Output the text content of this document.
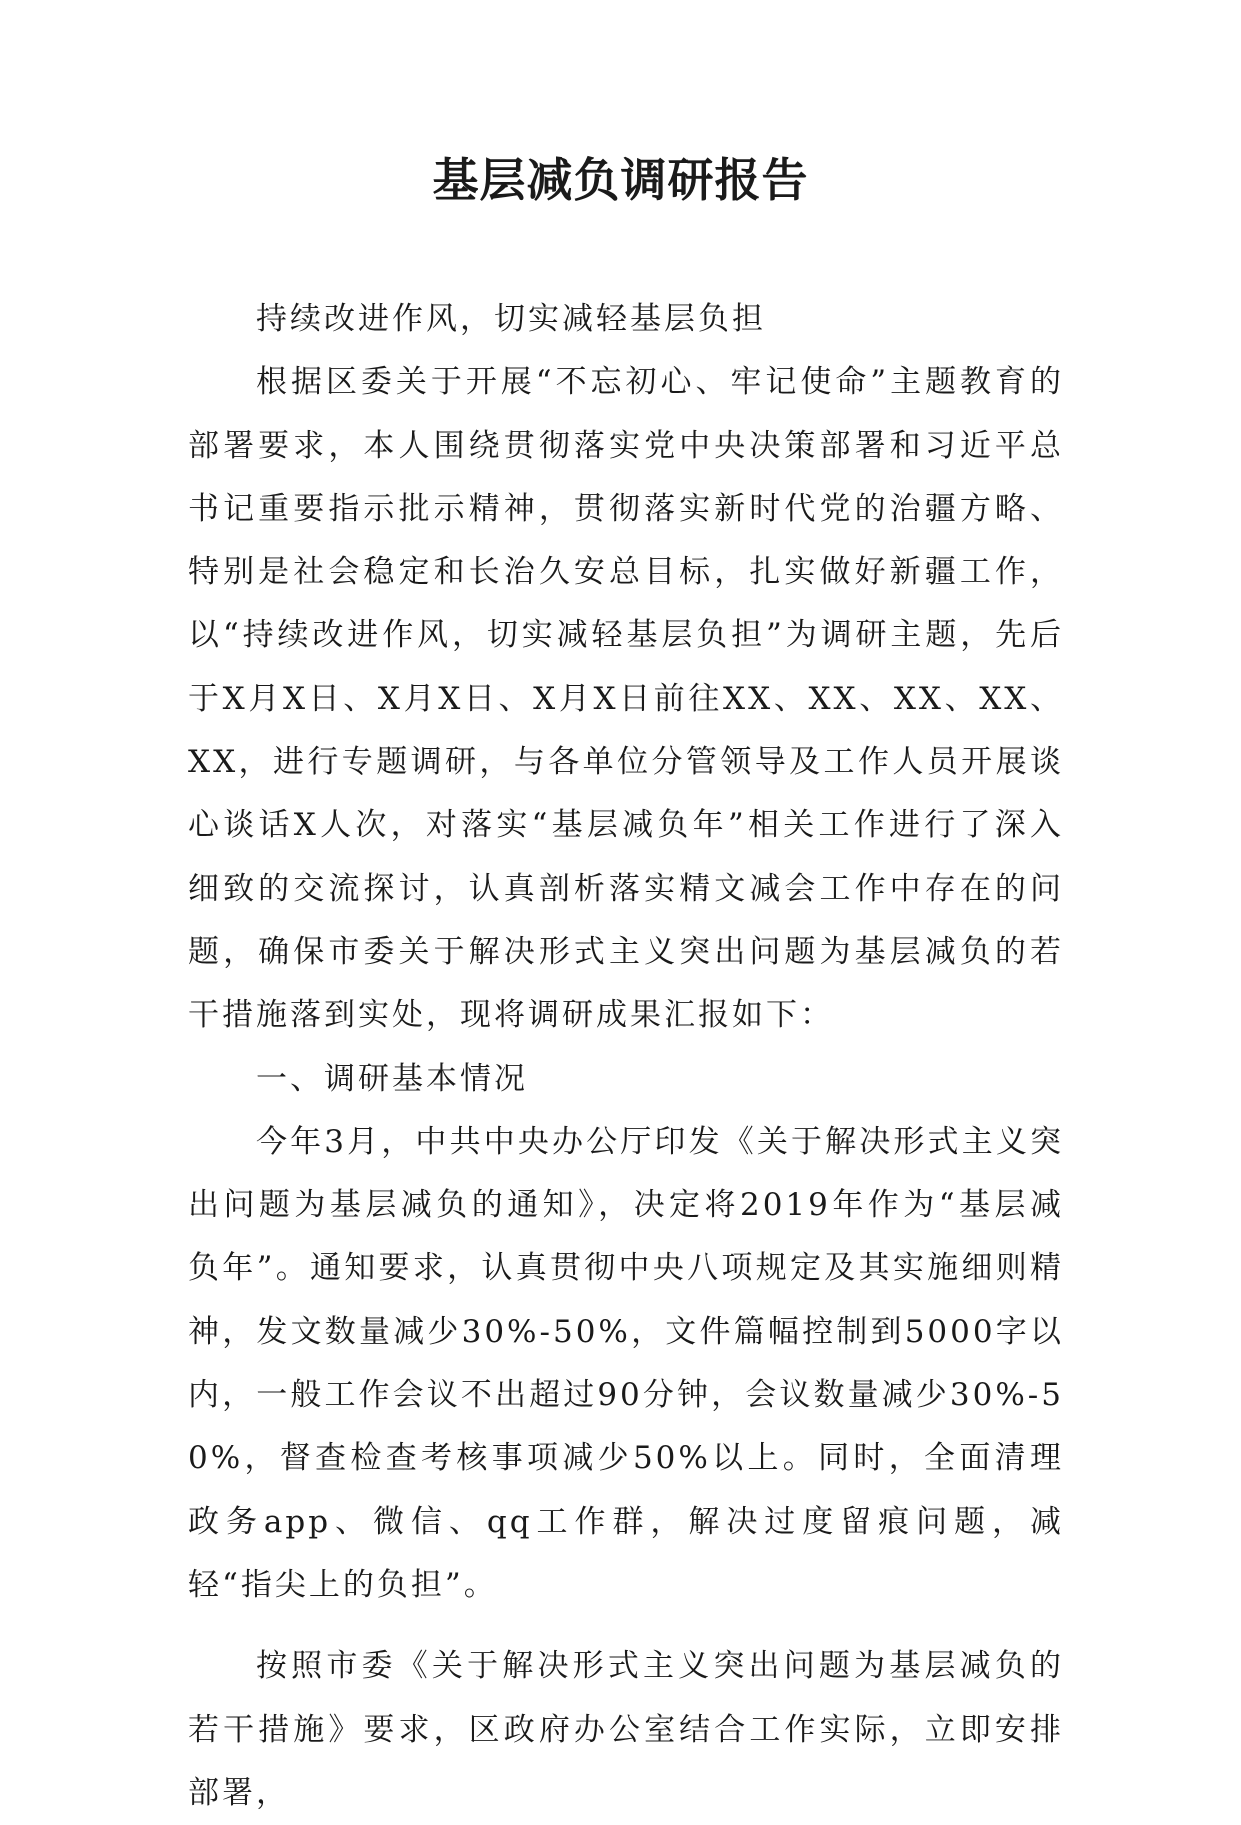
基层减负调研报告

持续改进作风，切实减轻基层负担

根据区委关于开展“不忘初心、牢记使命”主题教育的部署要求，本人围绕贯彻落实党中央决策部署和习近平总书记重要指示批示精神，贯彻落实新时代党的治疆方略、特别是社会稳定和长治久安总目标，扎实做好新疆工作，以“持续改进作风，切实减轻基层负担”为调研主题，先后于X月X日、X月X日、X月X日前往XX、XX、XX、XX、XX，进行专题调研，与各单位分管领导及工作人员开展谈心谈话X人次，对落实“基层减负年”相关工作进行了深入细致的交流探讨，认真剖析落实精文减会工作中存在的问题，确保市委关于解决形式主义突出问题为基层减负的若干措施落到实处，现将调研成果汇报如下：

一、调研基本情况

今年3月，中共中央办公厅印发《关于解决形式主义突出问题为基层减负的通知》，决定将2019年作为“基层减负年”。通知要求，认真贯彻中央八项规定及其实施细则精神，发文数量减少30%-50%，文件篇幅控制到5000字以内，一般工作会议不出超过90分钟，会议数量减少30%-50%，督查检查考核事项减少50%以上。同时，全面清理政务app、微信、qq工作群，解决过度留痕问题，减轻“指尖上的负担”。

按照市委《关于解决形式主义突出问题为基层减负的若干措施》要求，区政府办公室结合工作实际，立即安排部署，
